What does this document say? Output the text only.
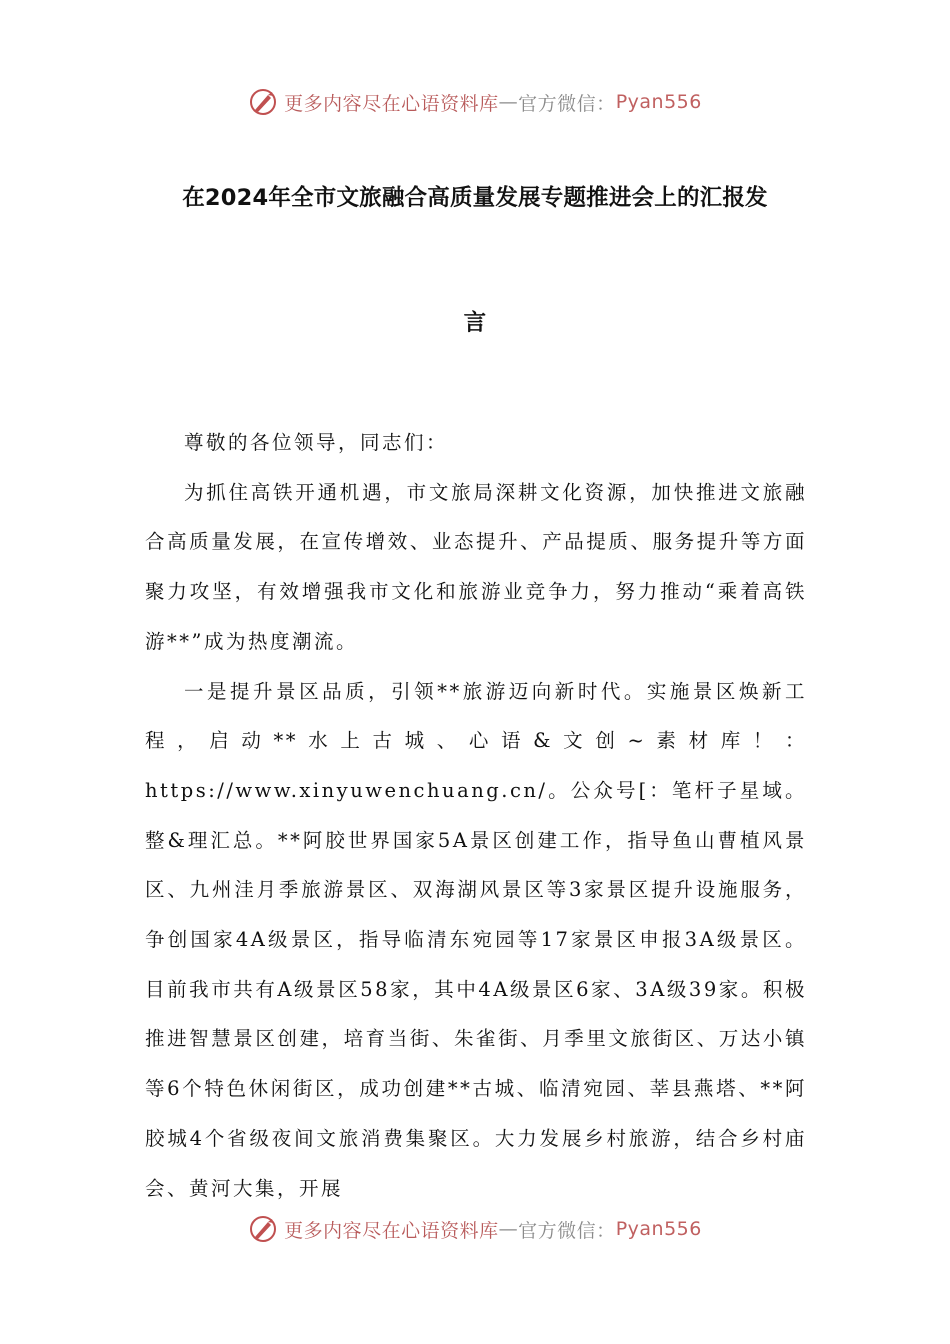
更多内容尽在心语资料库 — 官方微信： Pyan556
在2024年全市文旅融合高质量发展专题推进会上的汇报发
言

尊敬的各位领导，同志们：

为抓住高铁开通机遇，市文旅局深耕文化资源，加快推进文旅融合高质量发展，在宣传增效、业态提升、产品提质、服务提升等方面聚力攻坚，有效增强我市文化和旅游业竞争力，努力推动“乘着高铁游**”成为热度潮流。

一是提升景区品质，引领**旅游迈向新时代。实施景区焕新工程，启动**水上古城、心语&文创~素材库！：https://www.xinyuwenchuang.cn/。公众号[：笔杆子星域。整&理汇总。**阿胶世界国家5A景区创建工作，指导鱼山曹植风景区、九州洼月季旅游景区、双海湖风景区等3家景区提升设施服务，争创国家4A级景区，指导临清东宛园等17家景区申报3A级景区。目前我市共有A级景区58家，其中4A级景区6家、3A级39家。积极推进智慧景区创建，培育当街、朱雀街、月季里文旅街区、万达小镇等6个特色休闲街区，成功创建**古城、临清宛园、莘县燕塔、**阿胶城4个省级夜间文旅消费集聚区。大力发展乡村旅游，结合乡村庙会、黄河大集，开展

更多内容尽在心语资料库 — 官方微信： Pyan556
